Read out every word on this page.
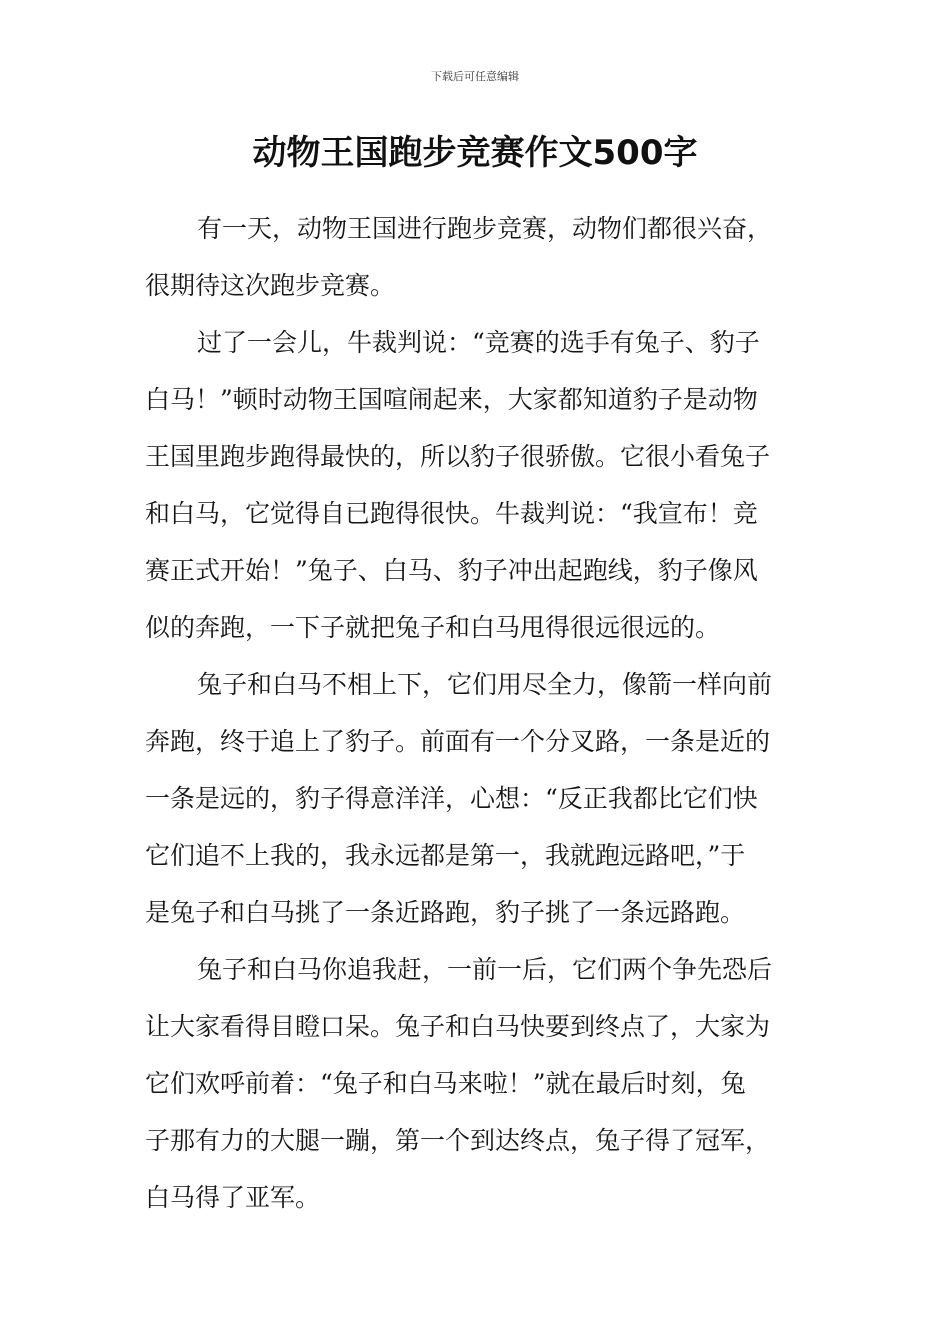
下载后可任意编辑
动物王国跑步竞赛作文500字

有一天，动物王国进行跑步竞赛，动物们都很兴奋，
很期待这次跑步竞赛。

过了一会儿，牛裁判说：“竞赛的选手有兔子、豹子
白马！”顿时动物王国喧闹起来，大家都知道豹子是动物
王国里跑步跑得最快的，所以豹子很骄傲。它很小看兔子
和白马，它觉得自已跑得很快。牛裁判说：“我宣布！竞
赛正式开始！”兔子、白马、豹子冲出起跑线，豹子像风
似的奔跑，一下子就把兔子和白马甩得很远很远的。

兔子和白马不相上下，它们用尽全力，像箭一样向前
奔跑，终于追上了豹子。前面有一个分叉路，一条是近的
一条是远的，豹子得意洋洋，心想：“反正我都比它们快
它们追不上我的，我永远都是第一，我就跑远路吧，”于
是兔子和白马挑了一条近路跑，豹子挑了一条远路跑。

兔子和白马你追我赶，一前一后，它们两个争先恐后
让大家看得目瞪口呆。兔子和白马快要到终点了，大家为
它们欢呼前着：“兔子和白马来啦！”就在最后时刻，兔
子那有力的大腿一蹦，第一个到达终点，兔子得了冠军，
白马得了亚军。
